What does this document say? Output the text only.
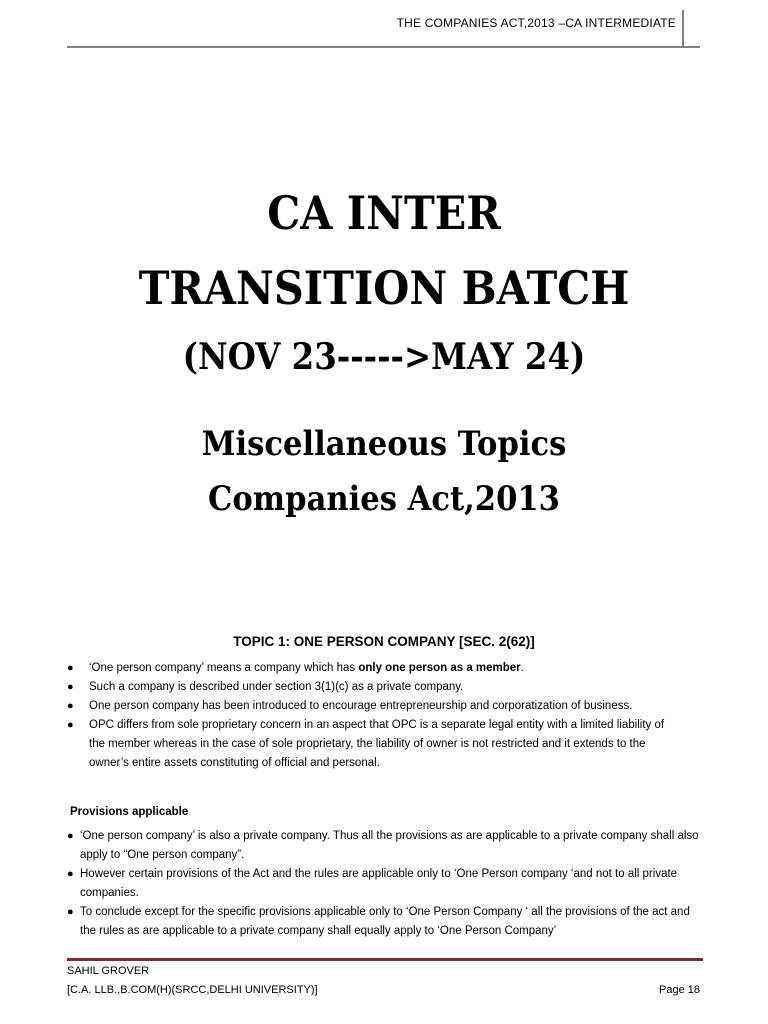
THE COMPANIES ACT,2013 –CA INTERMEDIATE
CA INTER
TRANSITION BATCH
(NOV 23----->MAY 24)
Miscellaneous Topics
Companies Act,2013
TOPIC 1: ONE PERSON COMPANY [SEC. 2(62)]
● ‘One person company’ means a company which has only one person as a member.
● Such a company is described under section 3(1)(c) as a private company.
● One person company has been introduced to encourage entrepreneurship and corporatization of business.
● OPC differs from sole proprietary concern in an aspect that OPC is a separate legal entity with a limited liability of the member whereas in the case of sole proprietary, the liability of owner is not restricted and it extends to the owner’s entire assets constituting of official and personal.
Provisions applicable
● ‘One person company’ is also a private company. Thus all the provisions as are applicable to a private company shall also apply to “One person company”.
● However certain provisions of the Act and the rules are applicable only to ‘One Person company ‘and not to all private companies.
● To conclude except for the specific provisions applicable only to ‘One Person Company ‘ all the provisions of the act and the rules as are applicable to a private company shall equally apply to ‘One Person Company’
SAHIL GROVER
[C.A. LLB.,B.COM(H)(SRCC,DELHI UNIVERSITY)]	Page 18
